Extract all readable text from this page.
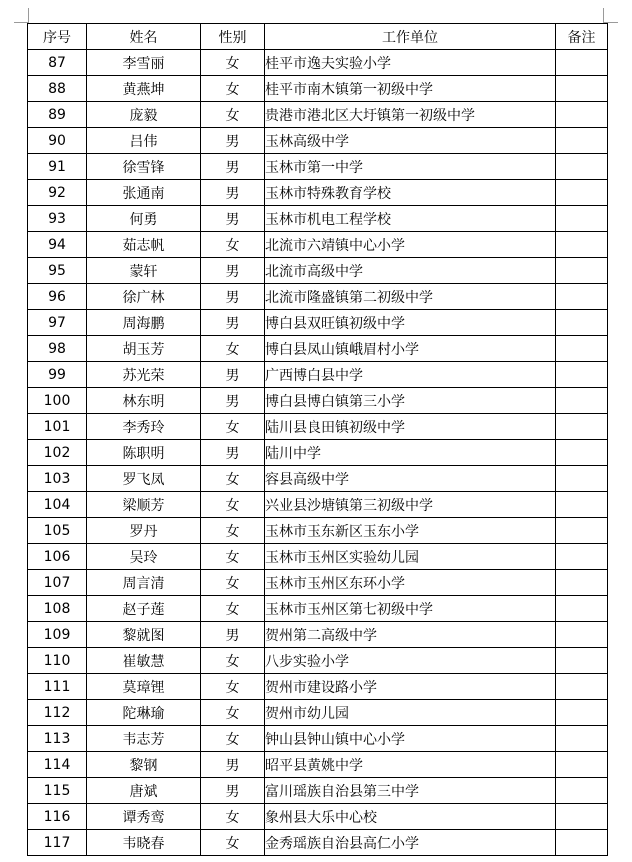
序号	姓名	性别	工作单位	备注
87	李雪丽	女	桂平市逸夫实验小学	
88	黄燕坤	女	桂平市南木镇第一初级中学	
89	庞毅	女	贵港市港北区大圩镇第一初级中学	
90	吕伟	男	玉林高级中学	
91	徐雪锋	男	玉林市第一中学	
92	张通南	男	玉林市特殊教育学校	
93	何勇	男	玉林市机电工程学校	
94	茹志帆	女	北流市六靖镇中心小学	
95	蒙轩	男	北流市高级中学	
96	徐广林	男	北流市隆盛镇第二初级中学	
97	周海鹏	男	博白县双旺镇初级中学	
98	胡玉芳	女	博白县凤山镇峨眉村小学	
99	苏光荣	男	广西博白县中学	
100	林东明	男	博白县博白镇第三小学	
101	李秀玲	女	陆川县良田镇初级中学	
102	陈职明	男	陆川中学	
103	罗飞凤	女	容县高级中学	
104	梁顺芳	女	兴业县沙塘镇第三初级中学	
105	罗丹	女	玉林市玉东新区玉东小学	
106	吴玲	女	玉林市玉州区实验幼儿园	
107	周言清	女	玉林市玉州区东环小学	
108	赵子莲	女	玉林市玉州区第七初级中学	
109	黎就图	男	贺州第二高级中学	
110	崔敏慧	女	八步实验小学	
111	莫璋锂	女	贺州市建设路小学	
112	陀琳瑜	女	贺州市幼儿园	
113	韦志芳	女	钟山县钟山镇中心小学	
114	黎钢	男	昭平县黄姚中学	
115	唐斌	男	富川瑶族自治县第三中学	
116	谭秀鸾	女	象州县大乐中心校	
117	韦晓春	女	金秀瑶族自治县高仁小学	
